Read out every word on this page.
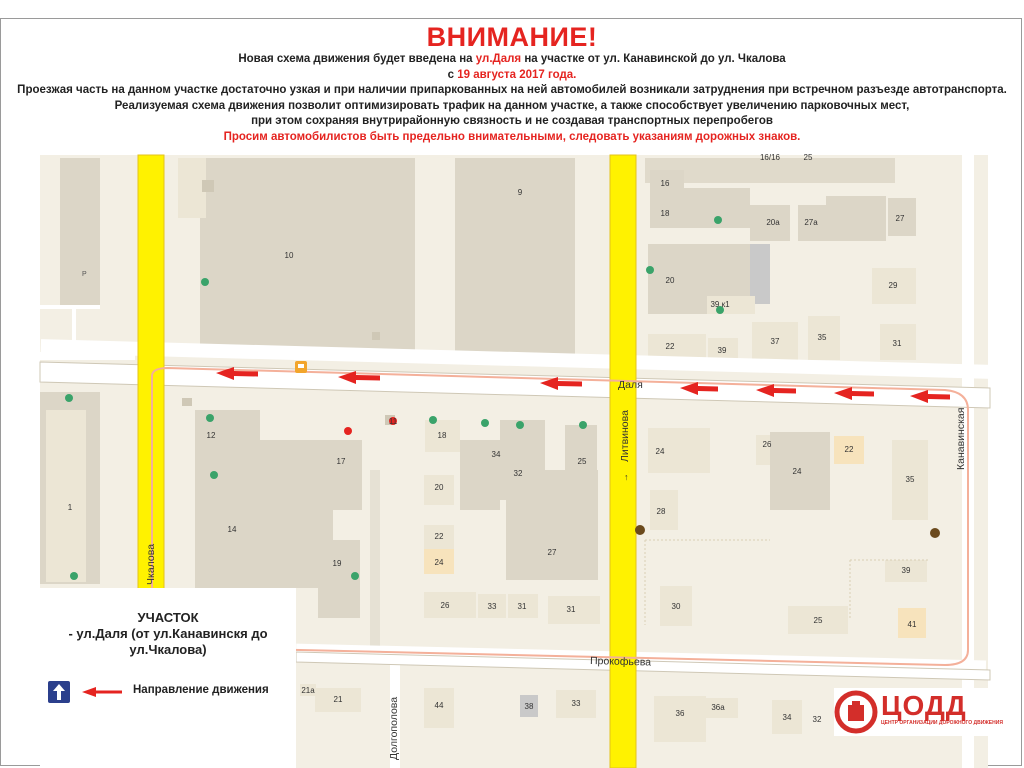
Даля
Чкалова
Литвинова	Канавинская
Прокофьева
Долгополова
↑
P
9
10
16/16	25
16
18
20а	27а	27
20
39 к1
29
22	39
37	35
31
1
12
14
17
19
11
18
34
32
25
20
22
24
27
26	33	31	31
24
26
24
22
35
28
39
30
25	41
21а
21
44	38	33
36
36а
34	32
ВНИМАНИЕ!
Новая схема движения будет введена на ул.Даля на участке от ул. Канавинской до ул. Чкалова
с 19 августа 2017 года.
Проезжая часть на данном участке достаточно узкая и при наличии припаркованных на ней автомобилей возникали затруднения при встречном разъезде автотранспорта.
Реализуемая схема движения позволит оптимизировать трафик на данном участке, а также способствует увеличению парковочных мест,
при этом сохраняя внутрирайонную связность и не создавая транспортных перепробегов
Просим автомобилистов быть предельно внимательными, следовать указаниям дорожных знаков.
УЧАСТОК
- ул.Даля (от ул.Канавинскя до
ул.Чкалова)
Направление движения	ЦОДД
ЦЕНТР ОРГАНИЗАЦИИ ДОРОЖНОГО ДВИЖЕНИЯ
